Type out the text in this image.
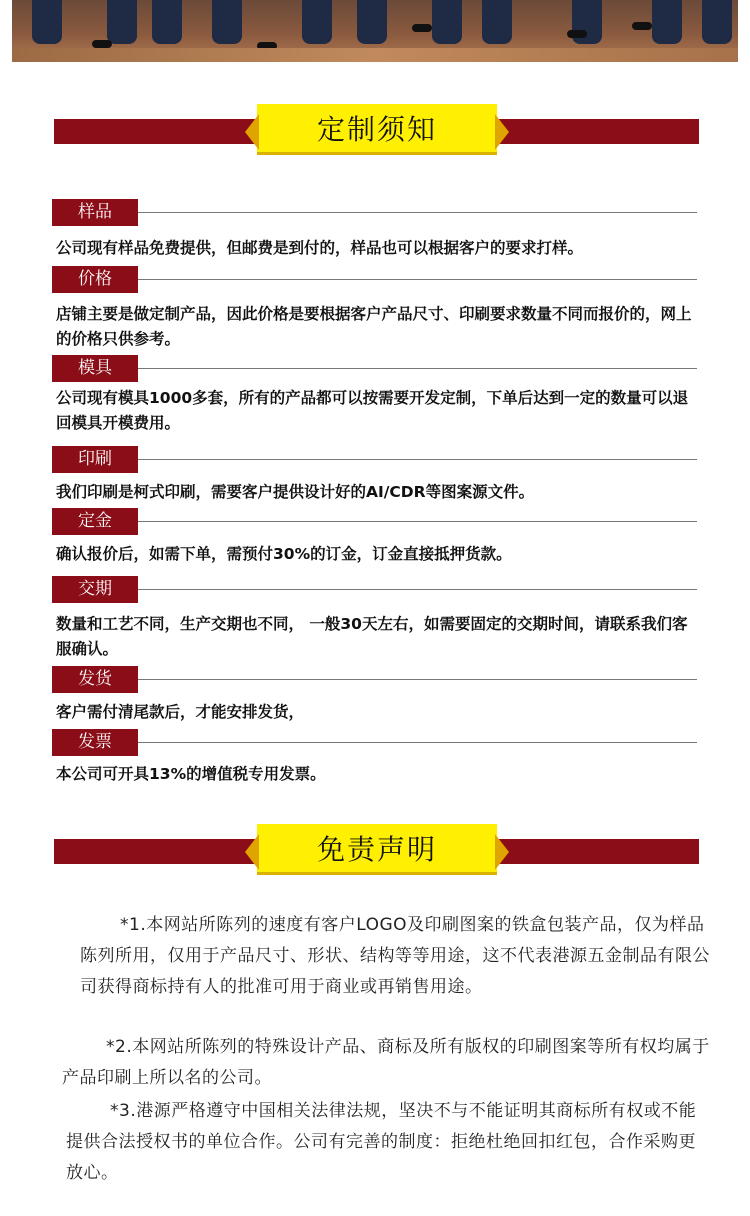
定制须知
样品
公司现有样品免费提供，但邮费是到付的，样品也可以根据客户的要求打样。
价格
店铺主要是做定制产品，因此价格是要根据客户产品尺寸、印刷要求数量不同而报价的，网上的价格只供参考。
模具
公司现有模具1000多套，所有的产品都可以按需要开发定制，下单后达到一定的数量可以退回模具开模费用。
印刷
我们印刷是柯式印刷，需要客户提供设计好的AI/CDR等图案源文件。
定金
确认报价后，如需下单，需预付30%的订金，订金直接抵押货款。
交期
数量和工艺不同，生产交期也不同， 一般30天左右，如需要固定的交期时间，请联系我们客服确认。
发货
客户需付清尾款后，才能安排发货，
发票
本公司可开具13%的增值税专用发票。
免责声明
*1.本网站所陈列的速度有客户LOGO及印刷图案的铁盒包装产品，仅为样品陈列所用，仅用于产品尺寸、形状、结构等等用途，这不代表港源五金制品有限公司获得商标持有人的批准可用于商业或再销售用途。
*2.本网站所陈列的特殊设计产品、商标及所有版权的印刷图案等所有权均属于产品印刷上所以名的公司。
*3.港源严格遵守中国相关法律法规，坚决不与不能证明其商标所有权或不能提供合法授权书的单位合作。公司有完善的制度：拒绝杜绝回扣红包，合作采购更放心。
